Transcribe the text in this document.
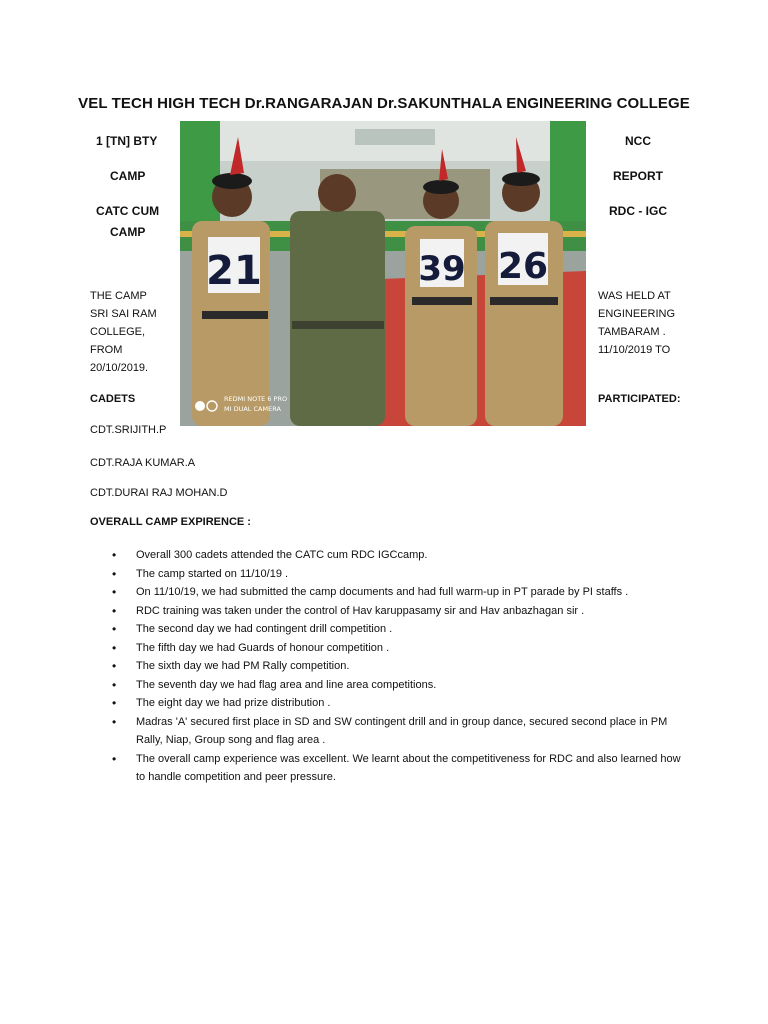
VEL TECH HIGH TECH Dr.RANGARAJAN Dr.SAKUNTHALA ENGINEERING COLLEGE
1 [TN] BTY
CAMP
CATC CUM
CAMP
NCC
REPORT
RDC - IGC
21	39 26
REDMI NOTE 6 PRO
MI DUAL CAMERA
THE CAMP
SRI SAI RAM
COLLEGE,
FROM
20/10/2019.
WAS HELD AT
ENGINEERING
TAMBARAM .
11/10/2019 TO
CADETS	PARTICIPATED:
CDT.SRIJITH.P
CDT.RAJA KUMAR.A
CDT.DURAI RAJ MOHAN.D
OVERALL CAMP EXPIRENCE :
• Overall 300 cadets attended the CATC cum RDC IGCcamp.
• The camp started on 11/10/19 .
• On 11/10/19, we had submitted the camp documents and had full warm-up in PT parade by PI staffs .
• RDC training was taken under the control of Hav karuppasamy sir and Hav anbazhagan sir .
• The second day we had contingent drill competition .
• The fifth day we had Guards of honour competition .
• The sixth day we had PM Rally competition.
• The seventh day we had flag area and line area competitions.
• The eight day we had prize distribution .
• Madras 'A' secured first place in SD and SW contingent drill and in group dance, secured second place in PM Rally, Niap, Group song and flag area .
• The overall camp experience was excellent. We learnt about the competitiveness for RDC and also learned how to handle competition and peer pressure.
